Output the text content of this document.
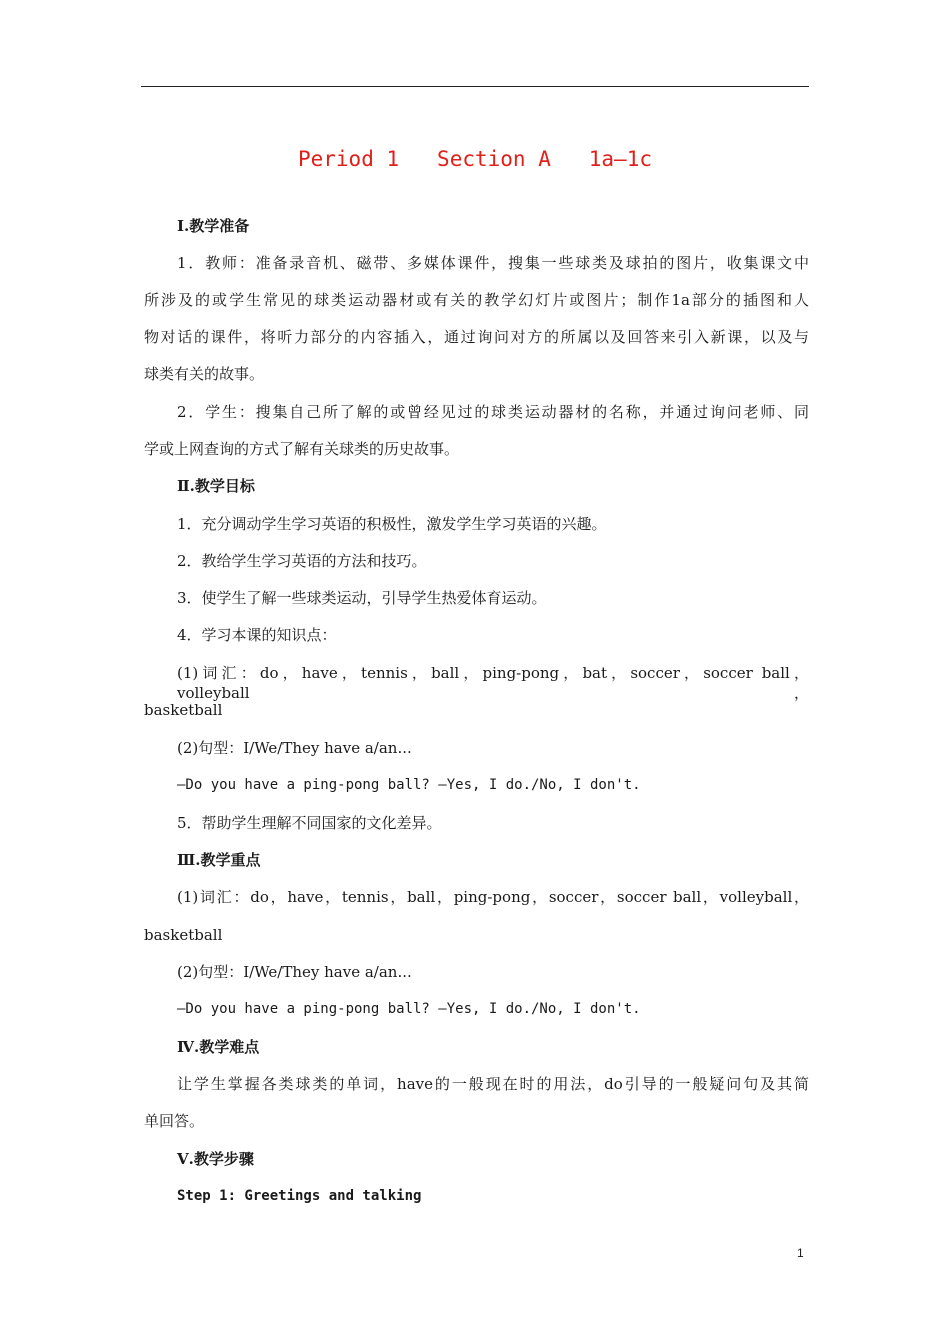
Period 1   Section A   1a—1c
Ⅰ.教学准备
1．教师：准备录音机、磁带、多媒体课件，搜集一些球类及球拍的图片，收集课文中
所涉及的或学生常见的球类运动器材或有关的教学幻灯片或图片；制作1a部分的插图和人
物对话的课件，将听力部分的内容插入，通过询问对方的所属以及回答来引入新课，以及与
球类有关的故事。
2．学生：搜集自己所了解的或曾经见过的球类运动器材的名称，并通过询问老师、同
学或上网查询的方式了解有关球类的历史故事。
Ⅱ.教学目标
1．充分调动学生学习英语的积极性，激发学生学习英语的兴趣。
2．教给学生学习英语的方法和技巧。
3．使学生了解一些球类运动，引导学生热爱体育运动。
4．学习本课的知识点：
(1)词汇：do，have，tennis，ball，ping-pong，bat，soccer，soccer ball，volleyball，
basketball
(2)句型：I/We/They have a/an...
—Do you have a ping-pong ball? —Yes, I do./No, I don't.
5．帮助学生理解不同国家的文化差异。
Ⅲ.教学重点
(1)词汇：do，have，tennis，ball，ping-pong，soccer，soccer ball，volleyball，
basketball
(2)句型：I/We/They have a/an...
—Do you have a ping-pong ball? —Yes, I do./No, I don't.
Ⅳ.教学难点
让学生掌握各类球类的单词，have的一般现在时的用法，do引导的一般疑问句及其简
单回答。
Ⅴ.教学步骤
Step 1: Greetings and talking
1
